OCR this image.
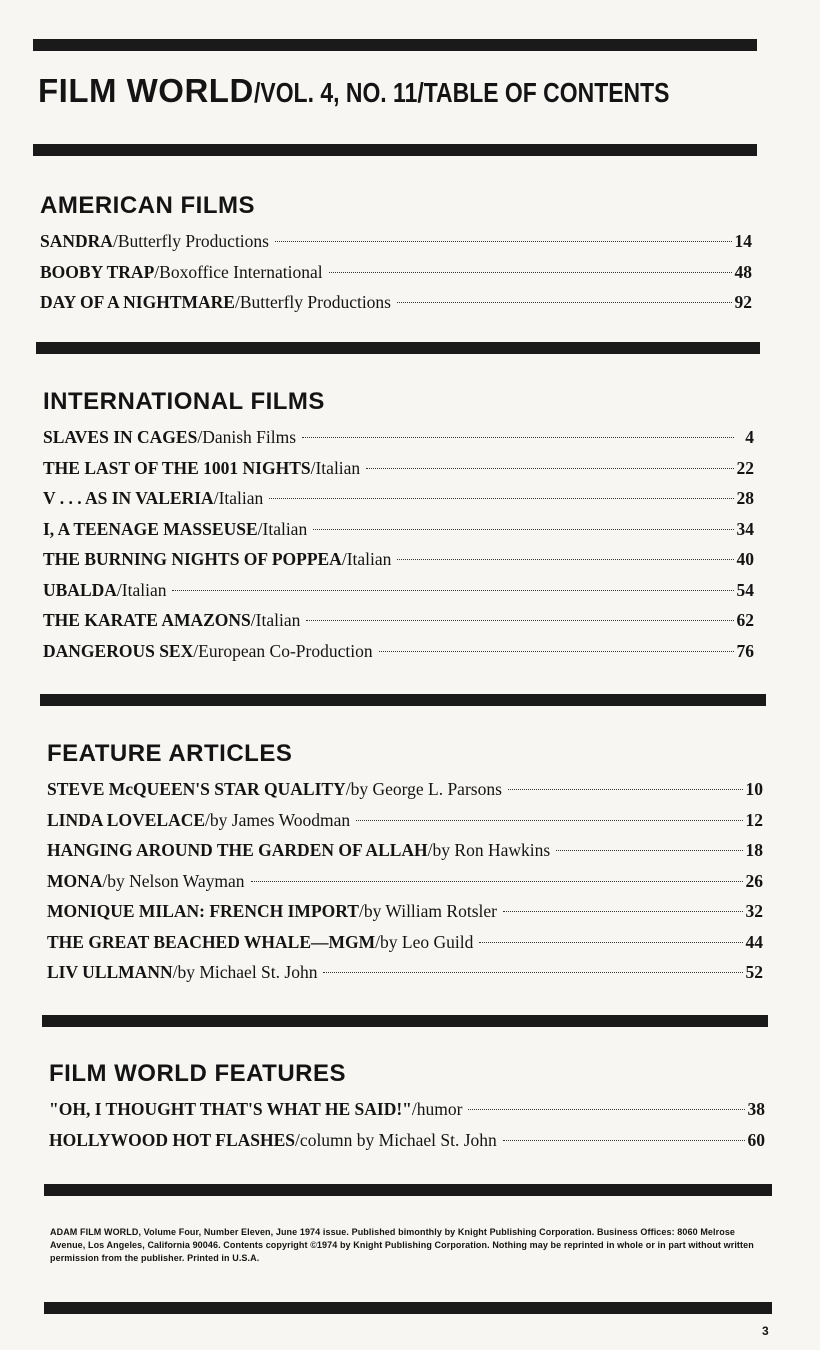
FILM WORLD/VOL. 4, NO. 11/TABLE OF CONTENTS
AMERICAN FILMS
SANDRA / Butterfly Productions	14
BOOBY TRAP / Boxoffice International	48
DAY OF A NIGHTMARE / Butterfly Productions	92
INTERNATIONAL FILMS
SLAVES IN CAGES / Danish Films	4
THE LAST OF THE 1001 NIGHTS / Italian	22
V . . . AS IN VALERIA / Italian	28
I, A TEENAGE MASSEUSE / Italian	34
THE BURNING NIGHTS OF POPPEA / Italian	40
UBALDA / Italian	54
THE KARATE AMAZONS / Italian	62
DANGEROUS SEX / European Co-Production	76
FEATURE ARTICLES
STEVE McQUEEN'S STAR QUALITY / by George L. Parsons	10
LINDA LOVELACE / by James Woodman	12
HANGING AROUND THE GARDEN OF ALLAH / by Ron Hawkins	18
MONA / by Nelson Wayman	26
MONIQUE MILAN: FRENCH IMPORT / by William Rotsler	32
THE GREAT BEACHED WHALE—MGM / by Leo Guild	44
LIV ULLMANN / by Michael St. John	52
FILM WORLD FEATURES
"OH, I THOUGHT THAT'S WHAT HE SAID!" / humor	38
HOLLYWOOD HOT FLASHES / column by Michael St. John	60
ADAM FILM WORLD, Volume Four, Number Eleven, June 1974 issue. Published bimonthly by Knight Publishing Corporation. Business Offices: 8060 Melrose Avenue, Los Angeles, California 90046. Contents copyright ©1974 by Knight Publishing Corporation. Nothing may be reprinted in whole or in part without written permission from the publisher. Printed in U.S.A.
3
